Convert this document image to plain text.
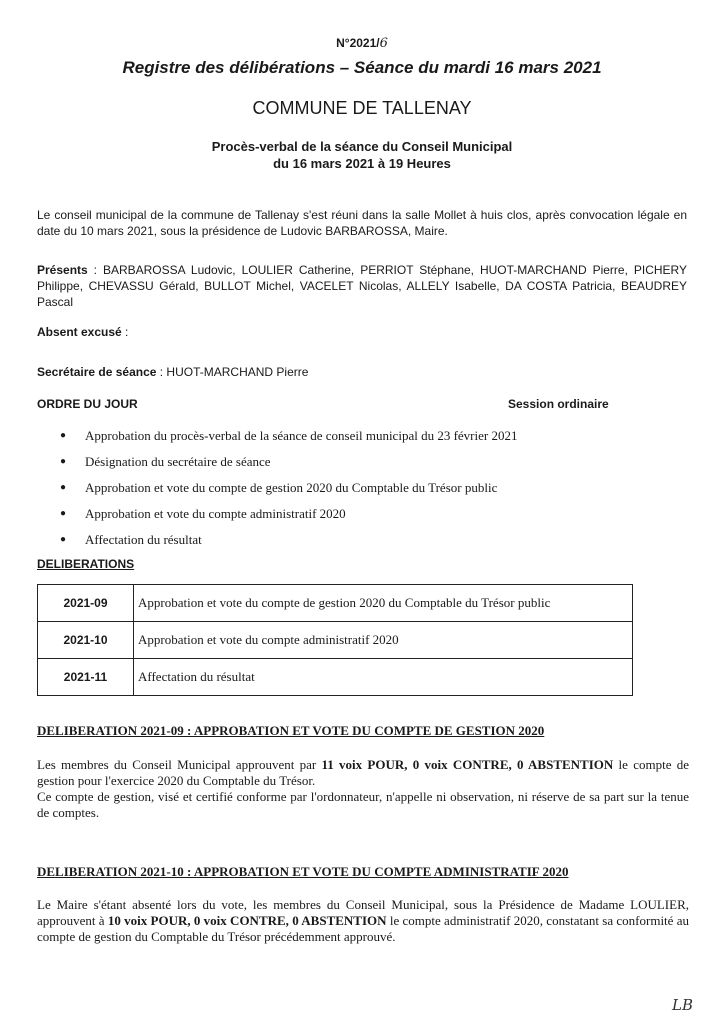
N°2021/6
Registre des délibérations – Séance du mardi 16 mars 2021
COMMUNE DE TALLENAY
Procès-verbal de la séance du Conseil Municipal
du 16 mars 2021 à 19 Heures
Le conseil municipal de la commune de Tallenay s'est réuni dans la salle Mollet à huis clos, après convocation légale en date du 10 mars 2021, sous la présidence de Ludovic BARBAROSSA, Maire.
Présents : BARBAROSSA Ludovic, LOULIER Catherine, PERRIOT Stéphane, HUOT-MARCHAND Pierre, PICHERY Philippe, CHEVASSU Gérald, BULLOT Michel, VACELET Nicolas, ALLELY Isabelle, DA COSTA Patricia, BEAUDREY Pascal
Absent excusé :
Secrétaire de séance : HUOT-MARCHAND Pierre
ORDRE DU JOUR	Session ordinaire
●	Approbation du procès-verbal de la séance de conseil municipal du 23 février 2021
●	Désignation du secrétaire de séance
●	Approbation et vote du compte de gestion 2020 du Comptable du Trésor public
●	Approbation et vote du compte administratif 2020
●	Affectation du résultat
DELIBERATIONS
2021-09	Approbation et vote du compte de gestion 2020 du Comptable du Trésor public
2021-10	Approbation et vote du compte administratif 2020
2021-11	Affectation du résultat
DELIBERATION 2021-09 : APPROBATION ET VOTE DU COMPTE DE GESTION 2020
Les membres du Conseil Municipal approuvent par 11 voix POUR, 0 voix CONTRE, 0 ABSTENTION le compte de gestion pour l'exercice 2020 du Comptable du Trésor.
Ce compte de gestion, visé et certifié conforme par l'ordonnateur, n'appelle ni observation, ni réserve de sa part sur la tenue de comptes.
DELIBERATION 2021-10 : APPROBATION ET VOTE DU COMPTE ADMINISTRATIF 2020
Le Maire s'étant absenté lors du vote, les membres du Conseil Municipal, sous la Présidence de Madame LOULIER, approuvent à 10 voix POUR, 0 voix CONTRE, 0 ABSTENTION le compte administratif 2020, constatant sa conformité au compte de gestion du Comptable du Trésor précédemment approuvé.
LB
